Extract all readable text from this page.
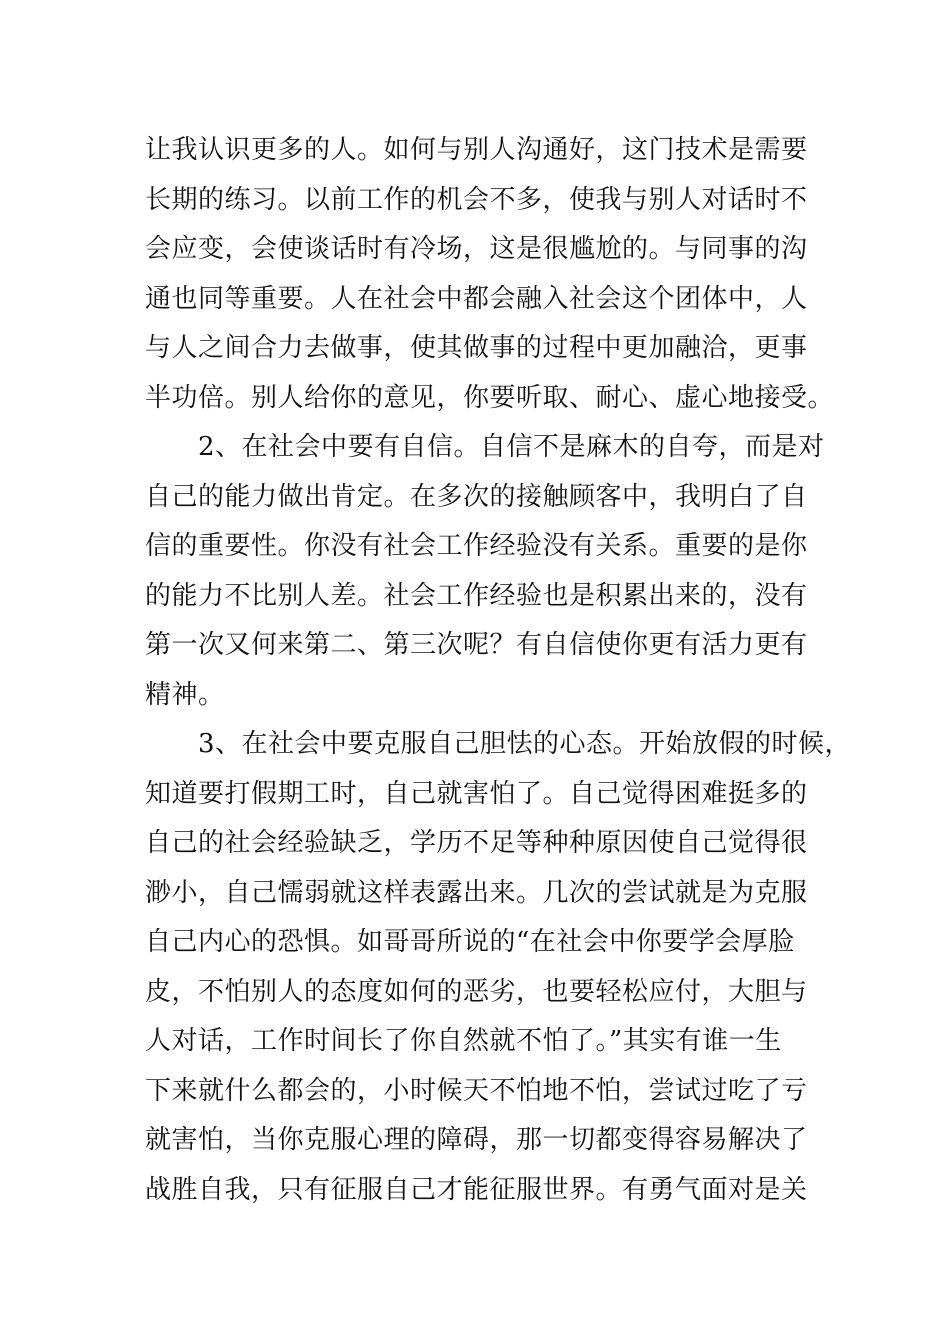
让我认识更多的人。如何与别人沟通好，这门技术是需要
长期的练习。以前工作的机会不多，使我与别人对话时不
会应变，会使谈话时有冷场，这是很尴尬的。与同事的沟
通也同等重要。人在社会中都会融入社会这个团体中，人
与人之间合力去做事，使其做事的过程中更加融洽，更事
半功倍。别人给你的意见，你要听取、耐心、虚心地接受。
　　2、在社会中要有自信。自信不是麻木的自夸，而是对
自己的能力做出肯定。在多次的接触顾客中，我明白了自
信的重要性。你没有社会工作经验没有关系。重要的是你
的能力不比别人差。社会工作经验也是积累出来的，没有
第一次又何来第二、第三次呢？有自信使你更有活力更有
精神。
　　3、在社会中要克服自己胆怯的心态。开始放假的时候，
知道要打假期工时，自己就害怕了。自己觉得困难挺多的
自己的社会经验缺乏，学历不足等种种原因使自己觉得很
渺小，自己懦弱就这样表露出来。几次的尝试就是为克服
自己内心的恐惧。如哥哥所说的“在社会中你要学会厚脸
皮，不怕别人的态度如何的恶劣，也要轻松应付，大胆与
人对话，工作时间长了你自然就不怕了。”其实有谁一生
下来就什么都会的，小时候天不怕地不怕，尝试过吃了亏
就害怕，当你克服心理的障碍，那一切都变得容易解决了
战胜自我，只有征服自己才能征服世界。有勇气面对是关
